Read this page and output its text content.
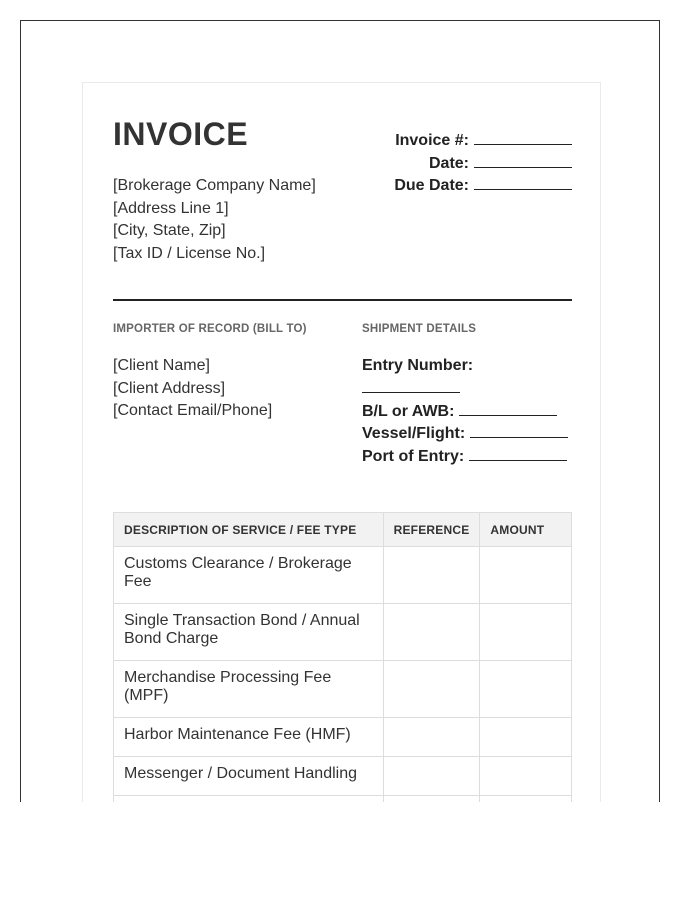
INVOICE
[Brokerage Company Name]
[Address Line 1]
[City, State, Zip]
[Tax ID / License No.]
Invoice #:
Date:
Due Date:
IMPORTER OF RECORD (BILL TO)	SHIPMENT DETAILS
[Client Name]
[Client Address]
[Contact Email/Phone]
Entry Number:
B/L or AWB:
Vessel/Flight:
Port of Entry:
DESCRIPTION OF SERVICE / FEE TYPE	REFERENCE	AMOUNT
Customs Clearance / Brokerage Fee		
Single Transaction Bond / Annual Bond Charge		
Merchandise Processing Fee (MPF)		
Harbor Maintenance Fee (HMF)		
Messenger / Document Handling		
